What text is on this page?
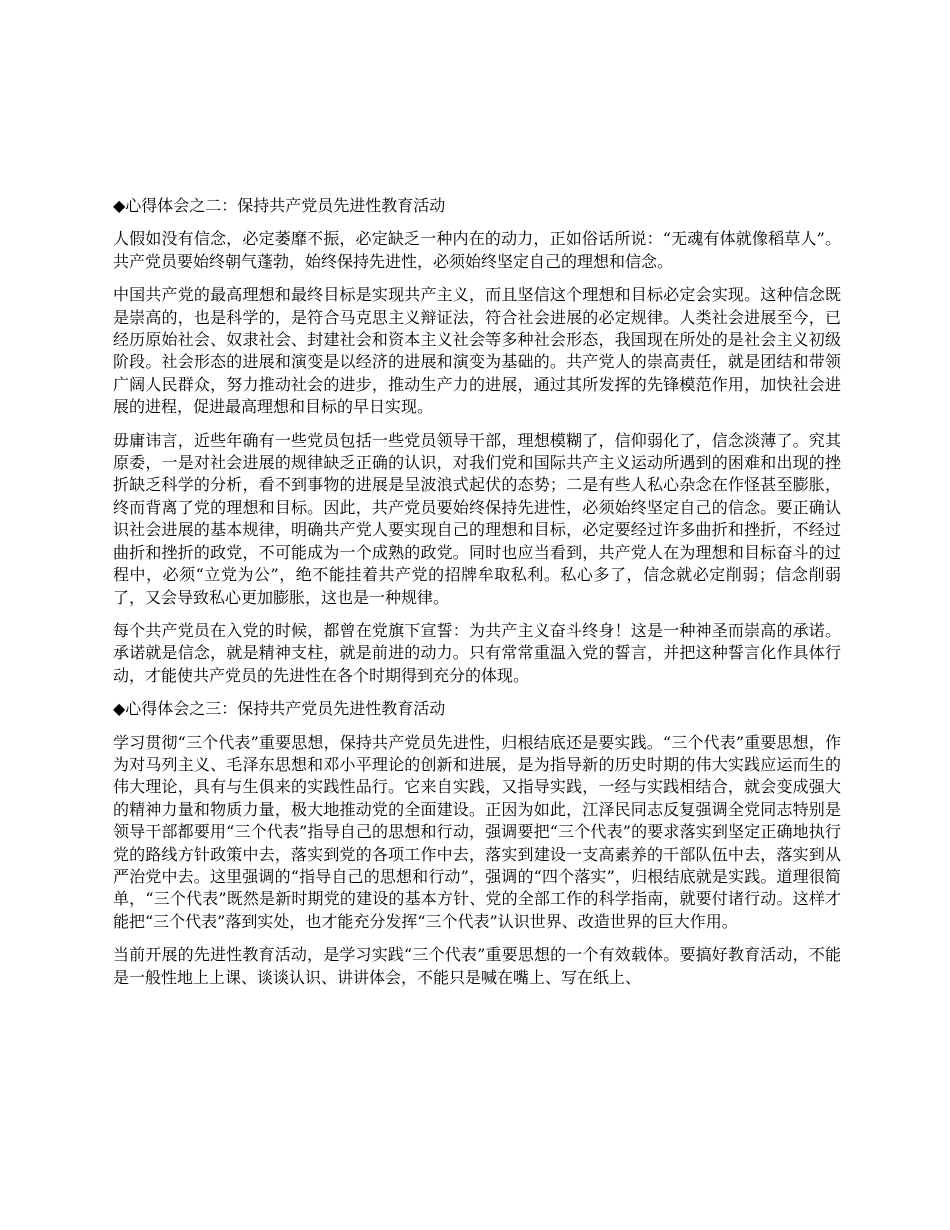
◆心得体会之二：保持共产党员先进性教育活动

人假如没有信念，必定萎靡不振，必定缺乏一种内在的动力，正如俗话所说：“无魂有体就像稻草人”。共产党员要始终朝气蓬勃，始终保持先进性，必须始终坚定自己的理想和信念。

中国共产党的最高理想和最终目标是实现共产主义，而且坚信这个理想和目标必定会实现。这种信念既是崇高的，也是科学的，是符合马克思主义辩证法，符合社会进展的必定规律。人类社会进展至今，已经历原始社会、奴隶社会、封建社会和资本主义社会等多种社会形态，我国现在所处的是社会主义初级阶段。社会形态的进展和演变是以经济的进展和演变为基础的。共产党人的崇高责任，就是团结和带领广阔人民群众，努力推动社会的进步，推动生产力的进展，通过其所发挥的先锋模范作用，加快社会进展的进程，促进最高理想和目标的早日实现。

毋庸讳言，近些年确有一些党员包括一些党员领导干部，理想模糊了，信仰弱化了，信念淡薄了。究其原委，一是对社会进展的规律缺乏正确的认识，对我们党和国际共产主义运动所遇到的困难和出现的挫折缺乏科学的分析，看不到事物的进展是呈波浪式起伏的态势；二是有些人私心杂念在作怪甚至膨胀，终而背离了党的理想和目标。因此，共产党员要始终保持先进性，必须始终坚定自己的信念。要正确认识社会进展的基本规律，明确共产党人要实现自己的理想和目标，必定要经过许多曲折和挫折，不经过曲折和挫折的政党，不可能成为一个成熟的政党。同时也应当看到，共产党人在为理想和目标奋斗的过程中，必须“立党为公”，绝不能挂着共产党的招牌牟取私利。私心多了，信念就必定削弱；信念削弱了，又会导致私心更加膨胀，这也是一种规律。

每个共产党员在入党的时候，都曾在党旗下宣誓：为共产主义奋斗终身！这是一种神圣而崇高的承诺。承诺就是信念，就是精神支柱，就是前进的动力。只有常常重温入党的誓言，并把这种誓言化作具体行动，才能使共产党员的先进性在各个时期得到充分的体现。

◆心得体会之三：保持共产党员先进性教育活动

学习贯彻“三个代表”重要思想，保持共产党员先进性，归根结底还是要实践。“三个代表”重要思想，作为对马列主义、毛泽东思想和邓小平理论的创新和进展，是为指导新的历史时期的伟大实践应运而生的伟大理论，具有与生俱来的实践性品行。它来自实践，又指导实践，一经与实践相结合，就会变成强大的精神力量和物质力量，极大地推动党的全面建设。正因为如此，江泽民同志反复强调全党同志特别是领导干部都要用“三个代表”指导自己的思想和行动，强调要把“三个代表”的要求落实到坚定正确地执行党的路线方针政策中去，落实到党的各项工作中去，落实到建设一支高素养的干部队伍中去，落实到从严治党中去。这里强调的“指导自己的思想和行动”，强调的“四个落实”，归根结底就是实践。道理很简单，“三个代表”既然是新时期党的建设的基本方针、党的全部工作的科学指南，就要付诸行动。这样才能把“三个代表”落到实处，也才能充分发挥“三个代表”认识世界、改造世界的巨大作用。

当前开展的先进性教育活动，是学习实践“三个代表”重要思想的一个有效载体。要搞好教育活动，不能是一般性地上上课、谈谈认识、讲讲体会，不能只是喊在嘴上、写在纸上、
